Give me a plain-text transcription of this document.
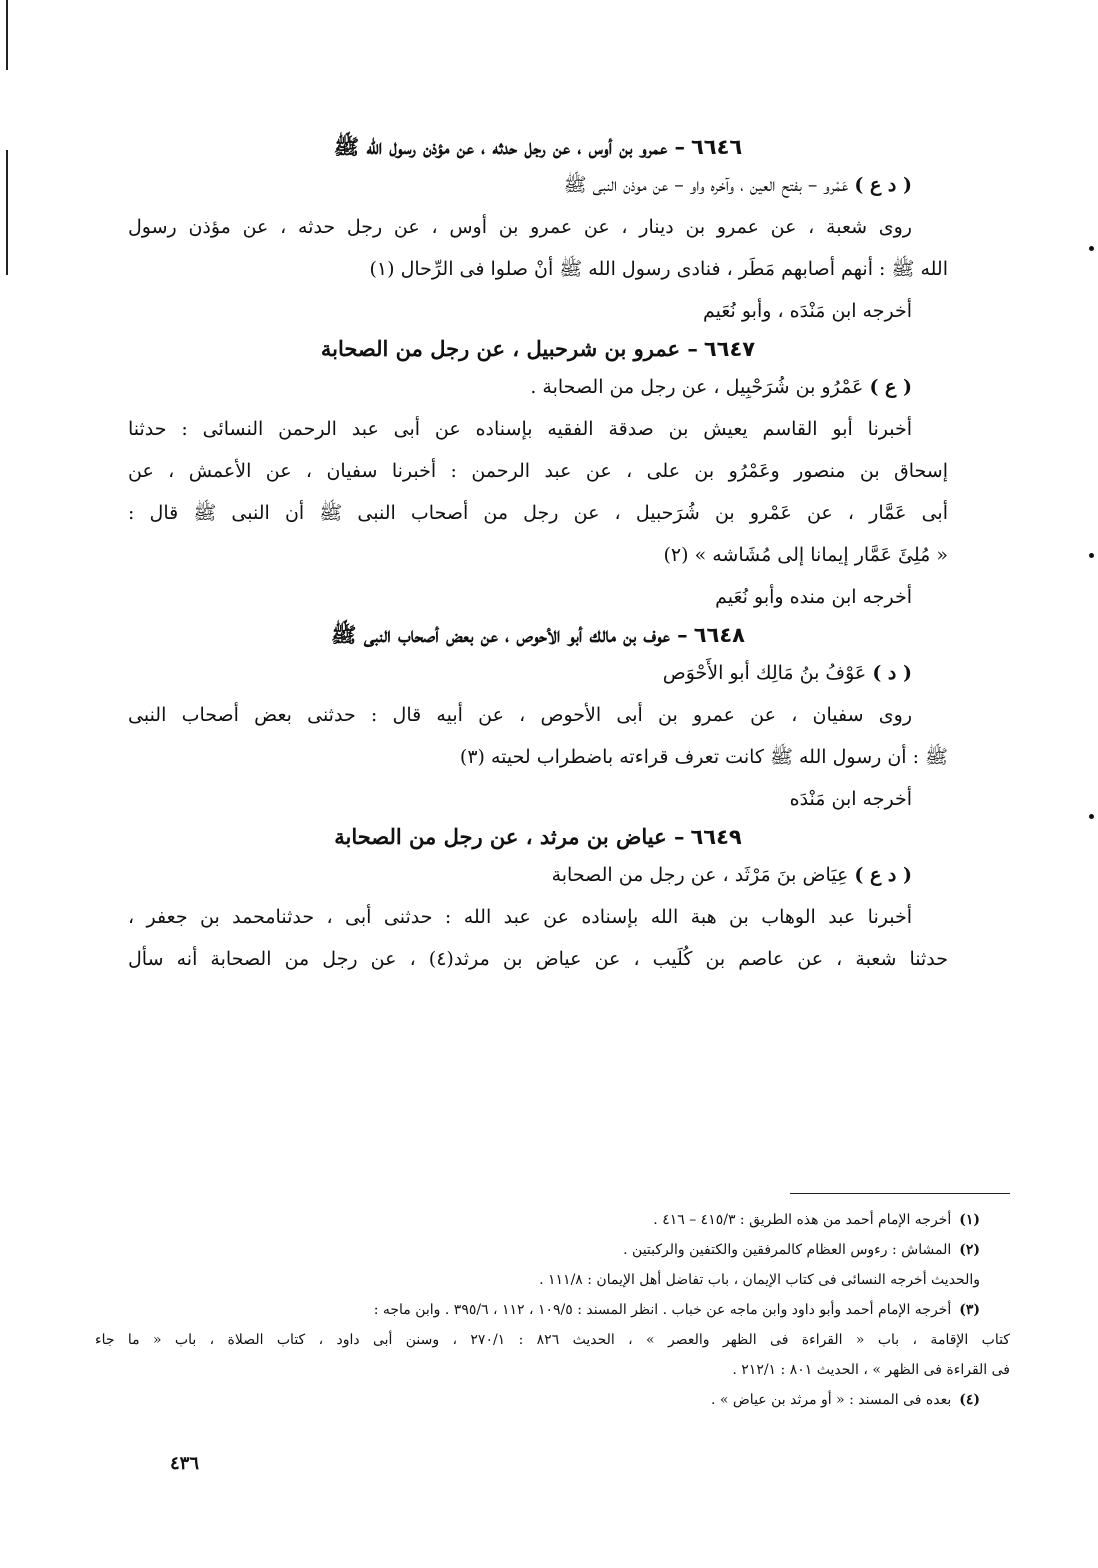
٦٦٤٦– عمرو بن أوس ، عن رجل حدثه ، عن مؤذن رسول الله ﷺ

( د ع ) عَمْرو – بفتح العين ، وآخره واو – عن موذن النبى ﷺ

روى شعبة ، عن عمرو بن دينار ، عن عمرو بن أوس ، عن رجل حدثه ، عن مؤذن رسول

الله ﷺ : أنهم أصابهم مَطَر ، فنادى رسول الله ﷺ أنْ صلوا فى الرِّحال (١)

أخرجه ابن مَنْدَه ، وأبو نُعَيم

٦٦٤٧– عمرو بن شرحبيل ، عن رجل من الصحابة

( ع ) عَمْرُو بن شُرَحْبِيل ، عن رجل من الصحابة .

أخبرنا أبو القاسم يعيش بن صدقة الفقيه بإسناده عن أبى عبد الرحمن النسائى : حدثنا

إسحاق بن منصور وعَمْرُو بن على ، عن عبد الرحمن : أخبرنا سفيان ، عن الأعمش ، عن

أبى عَمَّار ، عن عَمْرو بن شُرَحبيل ، عن رجل من أصحاب النبى ﷺ أن النبى ﷺ قال :

« مُلِئَ عَمَّار إيمانا إلى مُشَاشه » (٢)

أخرجه ابن منده وأبو نُعَيم

٦٦٤٨– عوف بن مالك أبو الأحوص ، عن بعض أصحاب النبى ﷺ

( د ) عَوْفُ بنُ مَالِك أبو الأَحْوَص

روى سفيان ، عن عمرو بن أبى الأحوص ، عن أبيه قال : حدثنى بعض أصحاب النبى

ﷺ : أن رسول الله ﷺ كانت تعرف قراءته باضطراب لحيته (٣)

أخرجه ابن مَنْدَه

٦٦٤٩– عياض بن مرثد ، عن رجل من الصحابة

( د ع ) عِيَاض بنَ مَرْثَد ، عن رجل من الصحابة

أخبرنا عبد الوهاب بن هبة الله بإسناده عن عبد الله : حدثنى أبى ، حدثنامحمد بن جعفر ،

حدثنا شعبة ، عن عاصم بن كُلَيب ، عن عياض بن مرثد(٤) ، عن رجل من الصحابة أنه سأل

(١)أخرجه الإمام أحمد من هذه الطريق : ٤١٥/٣ – ٤١٦ .

(٢)المشاش : رءوس العظام كالمرفقين والكتفين والركبتين .

والحديث أخرجه النسائى فى كتاب الإيمان ، باب تفاضل أهل الإيمان : ١١١/٨ .

(٣)أخرجه الإمام أحمد وأبو داود وابن ماجه عن خباب . انظر المسند : ١٠٩/٥ ، ١١٢ ، ٣٩٥/٦ . وابن ماجه :

كتاب الإقامة ، باب « القراءة فى الظهر والعصر » ، الحديث ٨٢٦ : ٢٧٠/١ ، وسنن أبى داود ، كتاب الصلاة ، باب « ما جاء

فى القراءة فى الظهر » ، الحديث ٨٠١ : ٢١٢/١ .

(٤)بعده فى المسند : « أو مرثد بن عياض » .

٤٣٦
